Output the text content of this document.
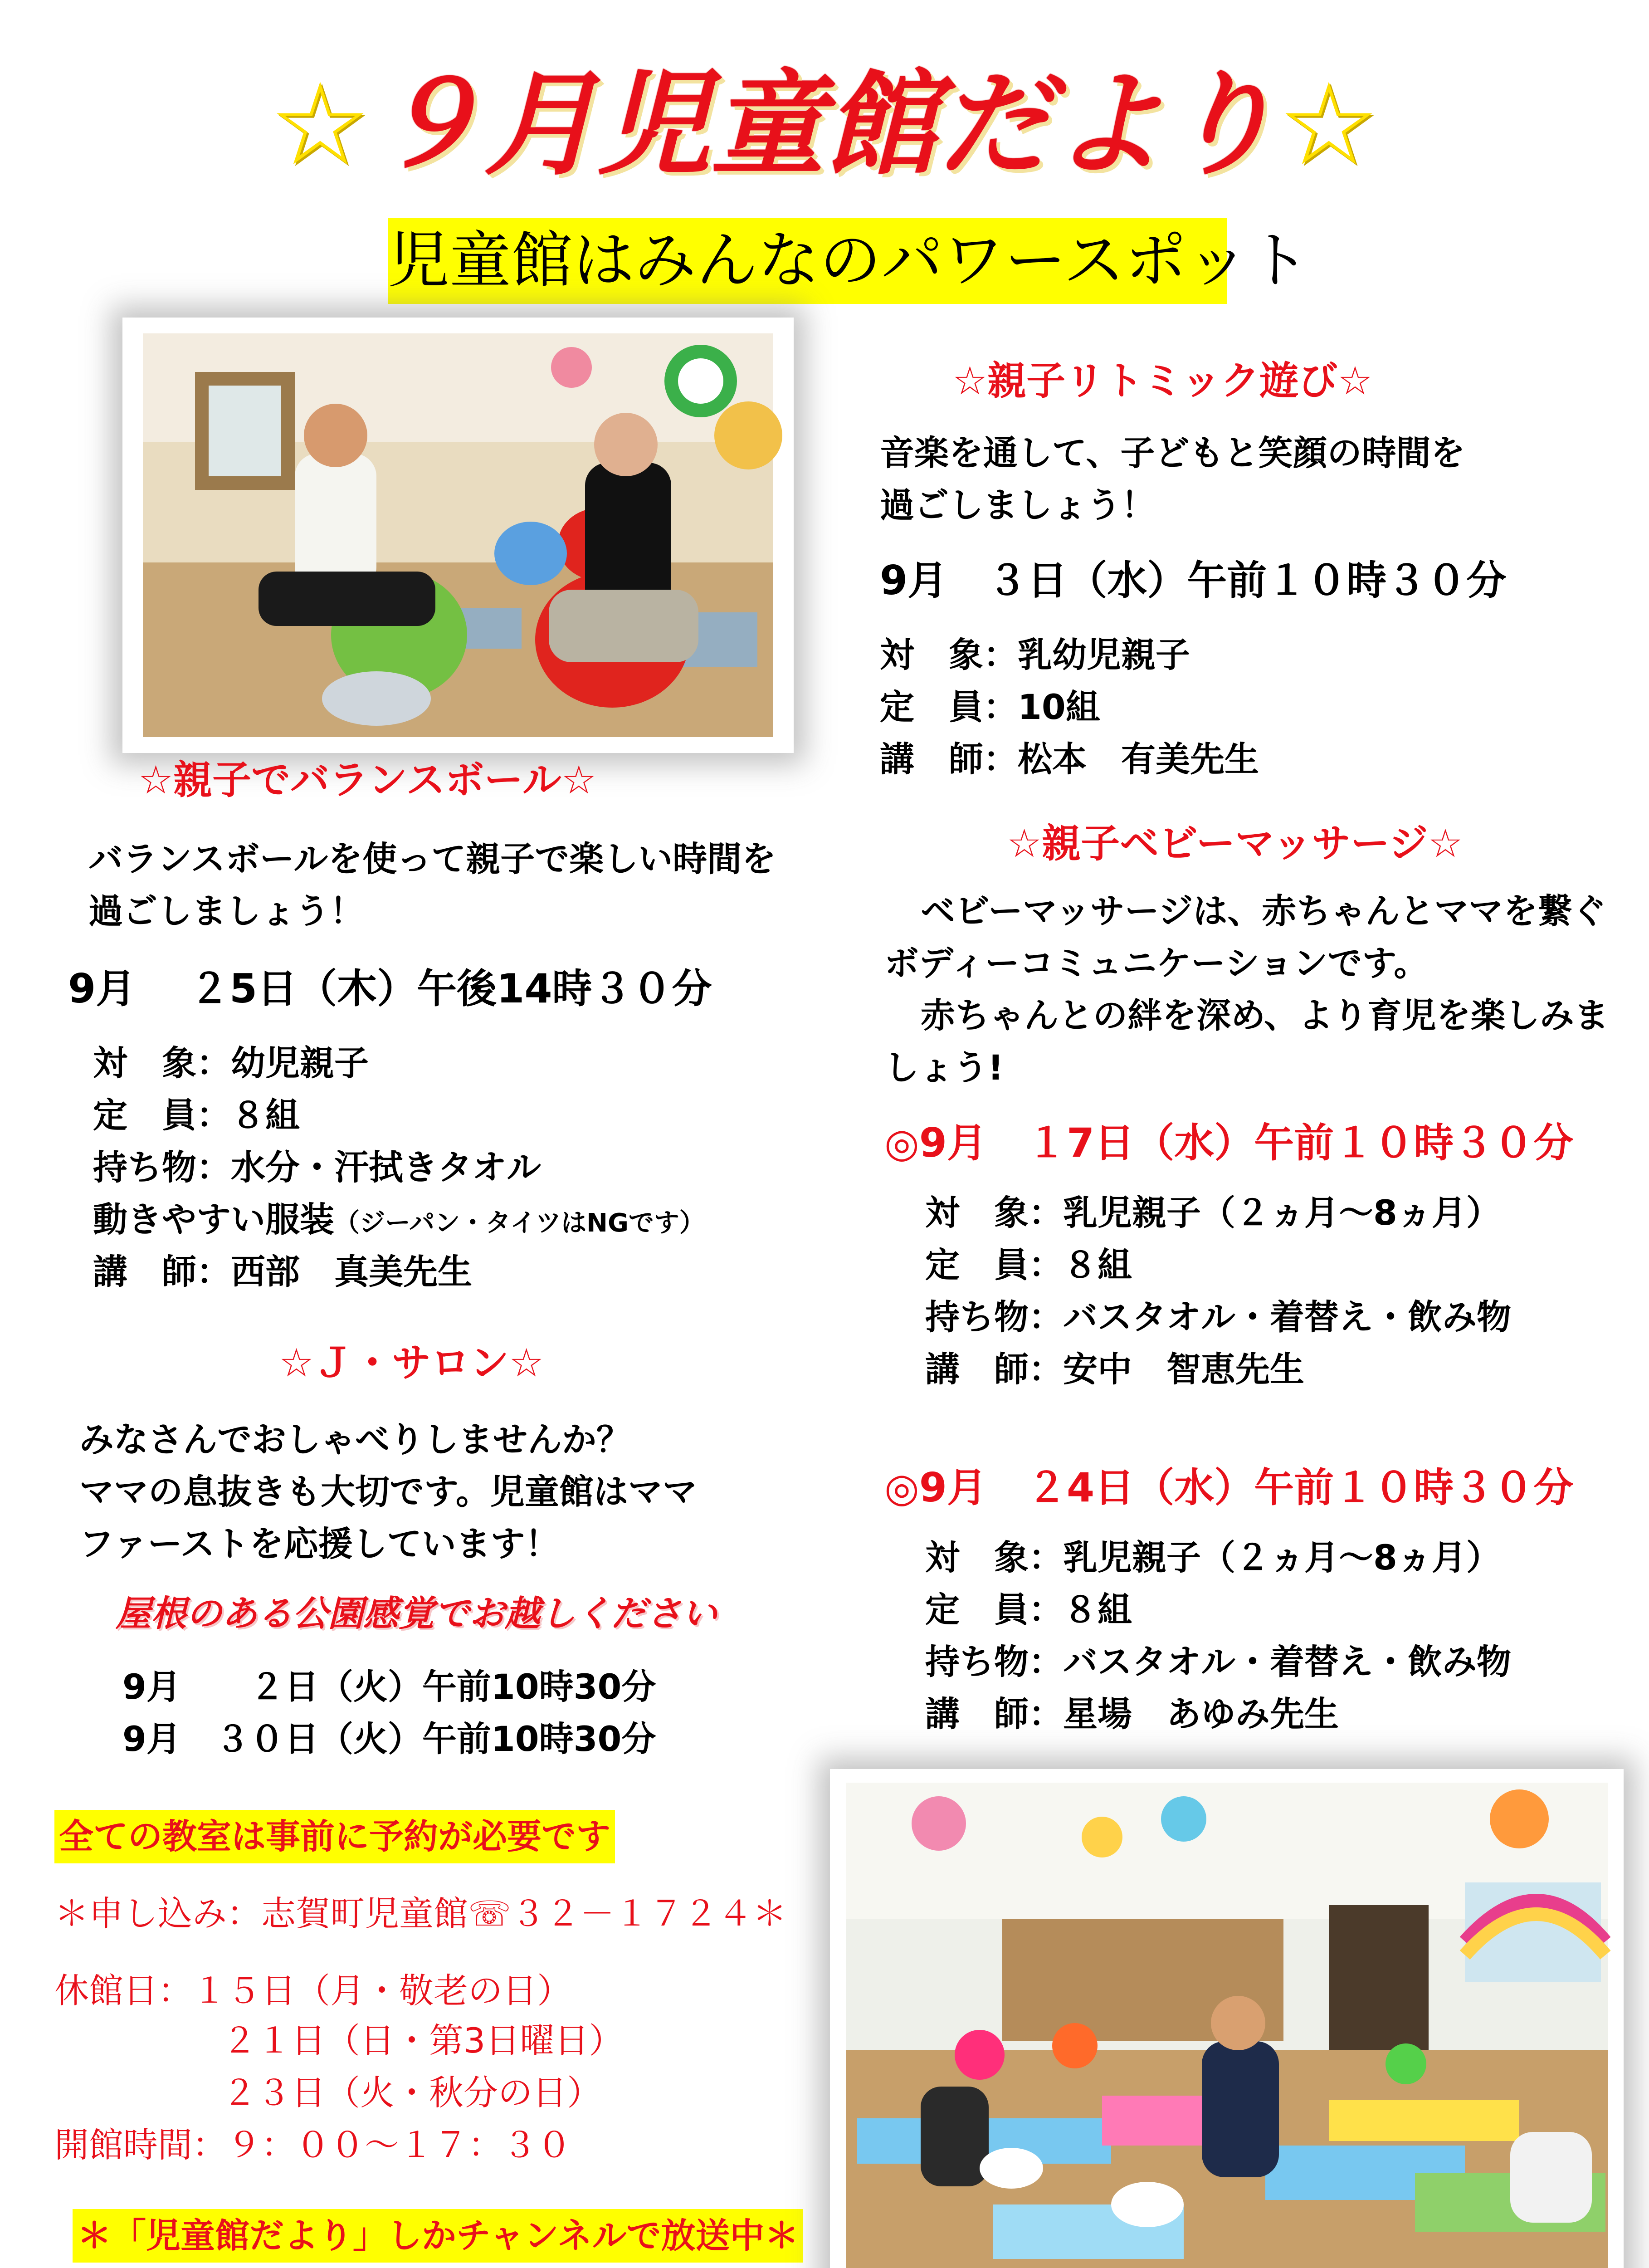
☆９月児童館だより☆
児童館はみんなのパワースポット
☆親子でバランスボール☆
バランスボールを使って親子で楽しい時間を
過ごしましょう！
9月　 ２5日（木）午後14時３０分
対　象：幼児親子
定　員：８組
持ち物：水分・汗拭きタオル
動きやすい服装（ジーパン・タイツはNGです）
講　師：西部　真美先生
☆Ｊ・サロン☆
みなさんでおしゃべりしませんか？
ママの息抜きも大切です。児童館はママ
ファーストを応援しています！
屋根のある公園感覚でお越しください
9月　　２日（火）午前10時30分
9月　３０日（火）午前10時30分
全ての教室は事前に予約が必要です
＊申し込み：志賀町児童館☏３２－１７２４＊
休館日：１５日（月・敬老の日）
２１日（日・第3日曜日）
２３日（火・秋分の日）
開館時間：９：００～１７：３０
＊「児童館だより」しかチャンネルで放送中＊
☆親子リトミック遊び☆
音楽を通して、子どもと笑顔の時間を
過ごしましょう！
9月　３日（水）午前１０時３０分
対　象：乳幼児親子
定　員：10組
講　師：松本　有美先生
☆親子ベビーマッサージ☆
ベビーマッサージは、赤ちゃんとママを繋ぐ
ボディーコミュニケーションです。
赤ちゃんとの絆を深め、より育児を楽しみま
しょう!
◎9月　１7日（水）午前１０時３０分
対　象：乳児親子（２ヵ月～8ヵ月）
定　員：８組
持ち物：バスタオル・着替え・飲み物
講　師：安中　智恵先生
◎9月　２4日（水）午前１０時３０分
対　象：乳児親子（２ヵ月～8ヵ月）
定　員：８組
持ち物：バスタオル・着替え・飲み物
講　師：星場　あゆみ先生
